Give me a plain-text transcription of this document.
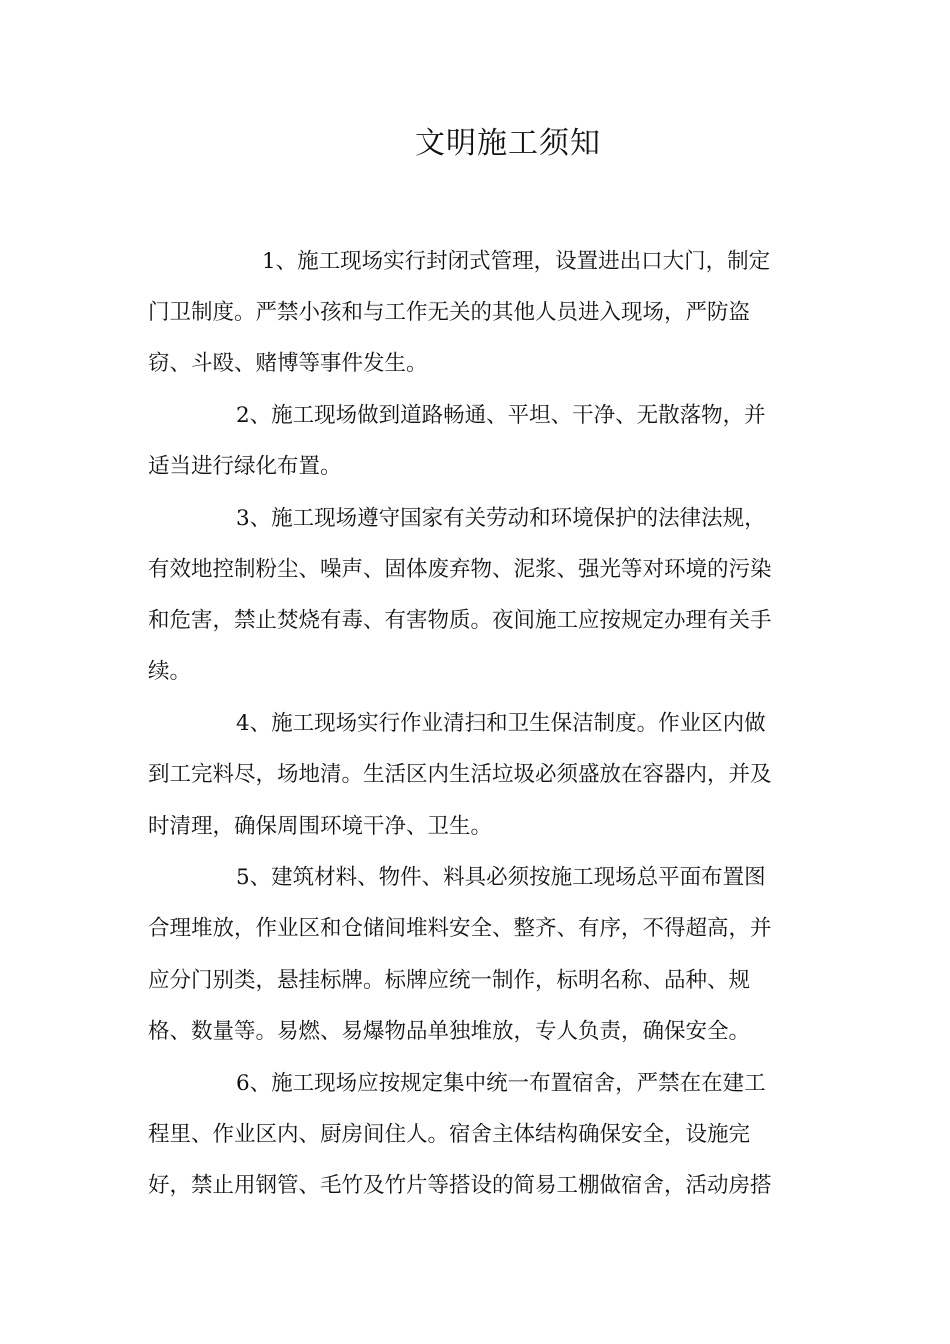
文明施工须知
1、施工现场实行封闭式管理，设置进出口大门，制定
门卫制度。严禁小孩和与工作无关的其他人员进入现场，严防盗
窃、斗殴、赌博等事件发生。
2、施工现场做到道路畅通、平坦、干净、无散落物，并
适当进行绿化布置。
3、施工现场遵守国家有关劳动和环境保护的法律法规，
有效地控制粉尘、噪声、固体废弃物、泥浆、强光等对环境的污染
和危害，禁止焚烧有毒、有害物质。夜间施工应按规定办理有关手
续。
4、施工现场实行作业清扫和卫生保洁制度。作业区内做
到工完料尽，场地清。生活区内生活垃圾必须盛放在容器内，并及
时清理，确保周围环境干净、卫生。
5、建筑材料、物件、料具必须按施工现场总平面布置图
合理堆放，作业区和仓储间堆料安全、整齐、有序，不得超高，并
应分门别类，悬挂标牌。标牌应统一制作，标明名称、品种、规
格、数量等。易燃、易爆物品单独堆放，专人负责，确保安全。
6、施工现场应按规定集中统一布置宿舍，严禁在在建工
程里、作业区内、厨房间住人。宿舍主体结构确保安全，设施完
好，禁止用钢管、毛竹及竹片等搭设的简易工棚做宿舍，活动房搭
